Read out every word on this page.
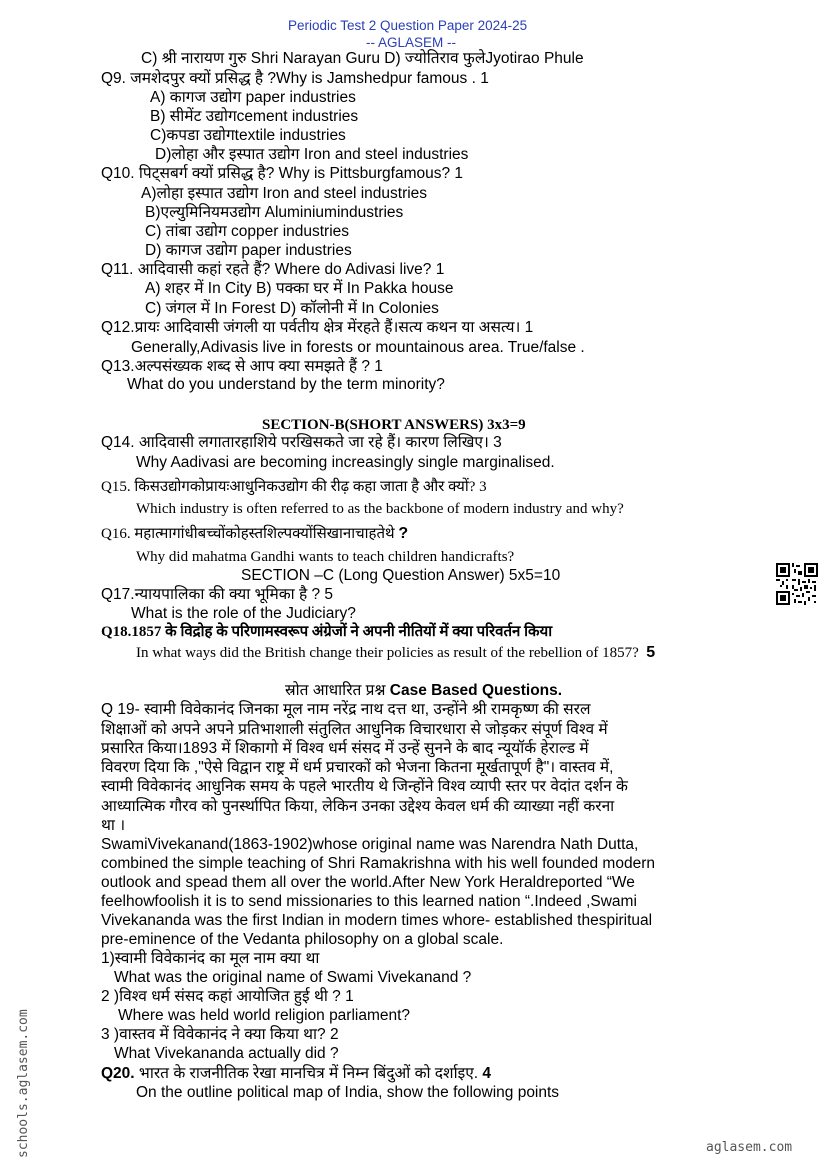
Periodic Test 2 Question Paper 2024-25
-- AGLASEM --
C) श्री नारायण गुरु Shri Narayan Guru D) ज्योतिराव फुलेJyotirao Phule
Q9. जमशेदपुर क्यों प्रसिद्ध है ?Why is Jamshedpur famous . 1
A) कागज उद्योग paper industries
B) सीमेंट उद्योगcement industries
C)कपडा उद्योगtextile industries
D)लोहा और इस्पात उद्योग Iron and steel industries
Q10. पिट्सबर्ग क्यों प्रसिद्ध है? Why is Pittsburgfamous? 1
A)लोहा इस्पात उद्योग Iron and steel industries
B)एल्युमिनियमउद्योग Aluminiumindustries
C) तांबा उद्योग copper industries
D) कागज उद्योग paper industries
Q11. आदिवासी कहां रहते हैं? Where do Adivasi live? 1
A) शहर में In City B) पक्का घर में In Pakka house
C) जंगल में In Forest D) कॉलोनी में In Colonies
Q12.प्रायः आदिवासी जंगली या पर्वतीय क्षेत्र मेंरहते हैं।सत्य कथन या असत्य। 1
Generally,Adivasis live in forests or mountainous area. True/false .
Q13.अल्पसंख्यक शब्द से आप क्या समझते हैं ? 1
What do you understand by the term minority?
SECTION-B(SHORT ANSWERS) 3x3=9
Q14. आदिवासी लगातारहाशिये परखिसकते जा रहे हैं। कारण लिखिए। 3
Why Aadivasi are becoming increasingly single marginalised.
Q15. किसउद्योगकोप्रायःआधुनिकउद्योग की रीढ़ कहा जाता है और क्यों? 3
Which industry is often referred to as the backbone of modern industry and why?
Q16. महात्मागांधीबच्चोंकोहस्तशिल्पक्योंसिखानाचाहतेथे ?
Why did mahatma Gandhi wants to teach children handicrafts?
SECTION –C (Long Question Answer) 5x5=10
Q17.न्यायपालिका की क्या भूमिका है ? 5
What is the role of the Judiciary?
Q18.1857 के विद्रोह के परिणामस्वरूप अंग्रेजों ने अपनी नीतियों में क्या परिवर्तन किया
In what ways did the British change their policies as result of the rebellion of 1857? 5
स्रोत आधारित प्रश्न Case Based Questions.
Q 19- स्वामी विवेकानंद जिनका मूल नाम नरेंद्र नाथ दत्त था, उन्होंने श्री रामकृष्ण की सरल
शिक्षाओं को अपने अपने प्रतिभाशाली संतुलित आधुनिक विचारधारा से जोड़कर संपूर्ण विश्व में
प्रसारित किया।1893 में शिकागो में विश्व धर्म संसद में उन्हें सुनने के बाद न्यूयॉर्क हेराल्ड में
विवरण दिया कि ,"ऐसे विद्वान राष्ट्र में धर्म प्रचारकों को भेजना कितना मूर्खतापूर्ण है"। वास्तव में,
स्वामी विवेकानंद आधुनिक समय के पहले भारतीय थे जिन्होंने विश्व व्यापी स्तर पर वेदांत दर्शन के
आध्यात्मिक गौरव को पुनर्स्थापित किया, लेकिन उनका उद्देश्य केवल धर्म की व्याख्या नहीं करना
था ।
SwamiVivekanand(1863-1902)whose original name was Narendra Nath Dutta,
combined the simple teaching of Shri Ramakrishna with his well founded modern
outlook and spead them all over the world.After New York Heraldreported “We
feelhowfoolish it is to send missionaries to this learned nation “.Indeed ,Swami
Vivekananda was the first Indian in modern times whore- established thespiritual
pre-eminence of the Vedanta philosophy on a global scale.
1)स्वामी विवेकानंद का मूल नाम क्या था
What was the original name of Swami Vivekanand ?
2 )विश्व धर्म संसद कहां आयोजित हुई थी ? 1
Where was held world religion parliament?
3 )वास्तव में विवेकानंद ने क्या किया था? 2
What Vivekananda actually did ?
Q20. भारत के राजनीतिक रेखा मानचित्र में निम्न बिंदुओं को दर्शाइए. 4
On the outline political map of India, show the following points
schools.aglasem.com	aglasem.com
